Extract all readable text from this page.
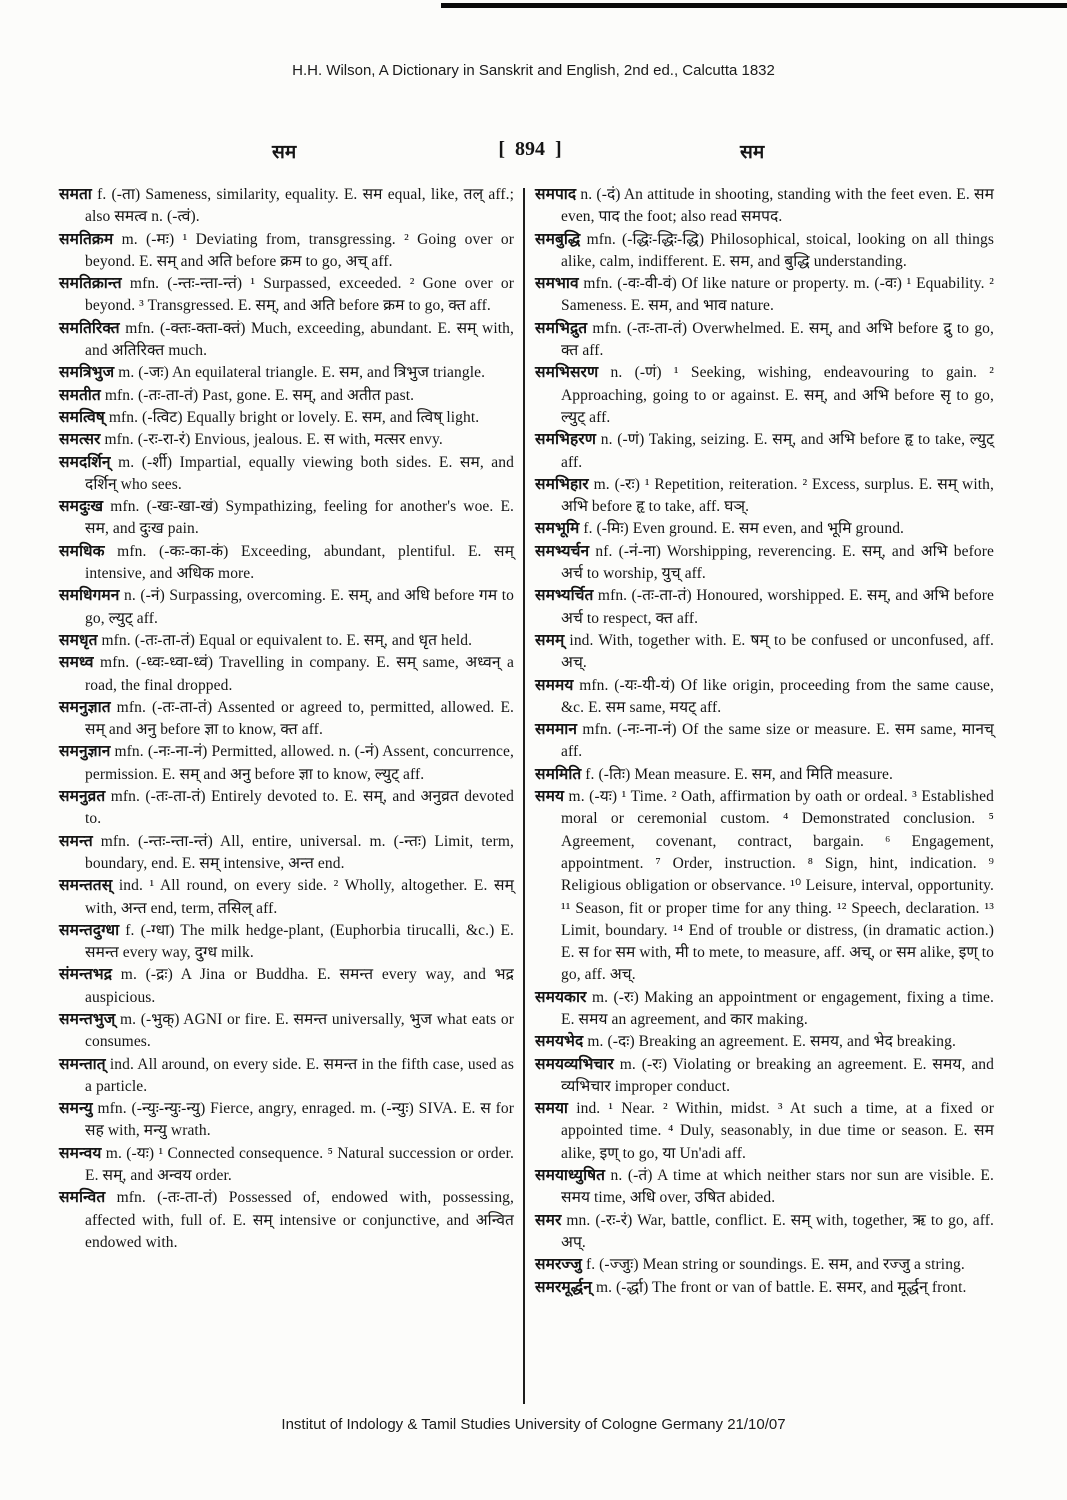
H.H. Wilson, A Dictionary in Sanskrit and English, 2nd ed., Calcutta 1832
सम	[  894  ]	सम

समता f. (-ता) Sameness, similarity, equality. E. सम equal, like, तल् aff.; also समत्व n. (-त्वं).

समतिक्रम m. (-मः) ¹ Deviating from, transgressing. ² Going over or beyond. E. सम् and अति before क्रम to go, अच् aff.

समतिक्रान्त mfn. (-न्तः-न्ता-न्तं) ¹ Surpassed, exceeded. ² Gone over or beyond. ³ Transgressed. E. सम्, and अति before क्रम to go, क्त aff.

समतिरिक्त mfn. (-क्तः-क्ता-क्तं) Much, exceeding, abundant. E. सम् with, and अतिरिक्त much.

समत्रिभुज m. (-जः) An equilateral triangle. E. सम, and त्रिभुज triangle.

समतीत mfn. (-तः-ता-तं) Past, gone. E. सम्, and अतीत past.

समत्विष् mfn. (-त्विट) Equally bright or lovely. E. सम, and त्विष् light.

समत्सर mfn. (-रः-रा-रं) Envious, jealous. E. स with, मत्सर envy.

समदर्शिन् m. (-र्शी) Impartial, equally viewing both sides. E. सम, and दर्शिन् who sees.

समदुःख mfn. (-खः-खा-खं) Sympathizing, feeling for another's woe. E. सम, and दुःख pain.

समधिक mfn. (-कः-का-कं) Exceeding, abundant, plentiful. E. सम् intensive, and अधिक more.

समधिगमन n. (-नं) Surpassing, overcoming. E. सम्, and अधि before गम to go, ल्युट् aff.

समधृत mfn. (-तः-ता-तं) Equal or equivalent to. E. सम्, and धृत held.

समध्व mfn. (-ध्वः-ध्वा-ध्वं) Travelling in company. E. सम् same, अध्वन् a road, the final dropped.

समनुज्ञात mfn. (-तः-ता-तं) Assented or agreed to, permitted, allowed. E. सम् and अनु before ज्ञा to know, क्त aff.

समनुज्ञान mfn. (-नः-ना-नं) Permitted, allowed. n. (-नं) Assent, concurrence, permission. E. सम् and अनु before ज्ञा to know, ल्युट् aff.

समनुव्रत mfn. (-तः-ता-तं) Entirely devoted to. E. सम्, and अनुव्रत devoted to.

समन्त mfn. (-न्तः-न्ता-न्तं) All, entire, universal. m. (-न्तः) Limit, term, boundary, end. E. सम् intensive, अन्त end.

समन्ततस् ind. ¹ All round, on every side. ² Wholly, altogether. E. सम् with, अन्त end, term, तसिल् aff.

समन्तदुग्धा f. (-ग्धा) The milk hedge-plant, (Euphorbia tirucalli, &c.) E. समन्त every way, दुग्ध milk.

संमन्तभद्र m. (-द्रः) A Jina or Buddha. E. समन्त every way, and भद्र auspicious.

समन्तभुज् m. (-भुक्) AGNI or fire. E. समन्त universally, भुज what eats or consumes.

समन्तात् ind. All around, on every side. E. समन्त in the fifth case, used as a particle.

समन्यु mfn. (-न्युः-न्युः-न्यु) Fierce, angry, enraged. m. (-न्युः) SIVA. E. स for सह with, मन्यु wrath.

समन्वय m. (-यः) ¹ Connected consequence. ⁵ Natural succession or order. E. सम्, and अन्वय order.

समन्वित mfn. (-तः-ता-तं) Possessed of, endowed with, possessing, affected with, full of. E. सम् intensive or conjunctive, and अन्वित endowed with.

समपाद n. (-दं) An attitude in shooting, standing with the feet even. E. सम even, पाद the foot; also read समपद.

समबुद्धि mfn. (-द्धिः-द्धिः-द्धि) Philosophical, stoical, looking on all things alike, calm, indifferent. E. सम, and बुद्धि understanding.

समभाव mfn. (-वः-वी-वं) Of like nature or property. m. (-वः) ¹ Equability. ² Sameness. E. सम, and भाव nature.

समभिद्रुत mfn. (-तः-ता-तं) Overwhelmed. E. सम्, and अभि before द्रु to go, क्त aff.

समभिसरण n. (-णं) ¹ Seeking, wishing, endeavouring to gain. ² Approaching, going to or against. E. सम्, and अभि before सृ to go, ल्युट् aff.

समभिहरण n. (-णं) Taking, seizing. E. सम्, and अभि before हृ to take, ल्युट् aff.

समभिहार m. (-रः) ¹ Repetition, reiteration. ² Excess, surplus. E. सम् with, अभि before हृ to take, aff. घञ्.

समभूमि f. (-मिः) Even ground. E. सम even, and भूमि ground.

समभ्यर्चन nf. (-नं-ना) Worshipping, reverencing. E. सम्, and अभि before अर्च to worship, युच् aff.

समभ्यर्चित mfn. (-तः-ता-तं) Honoured, worshipped. E. सम्, and अभि before अर्च to respect, क्त aff.

समम् ind. With, together with. E. षम् to be confused or unconfused, aff. अच्.

सममय mfn. (-यः-यी-यं) Of like origin, proceeding from the same cause, &c. E. सम same, मयट् aff.

सममान mfn. (-नः-ना-नं) Of the same size or measure. E. सम same, मानच् aff.

सममिति f. (-तिः) Mean measure. E. सम, and मिति measure.

समय m. (-यः) ¹ Time. ² Oath, affirmation by oath or ordeal. ³ Established moral or ceremonial custom. ⁴ Demonstrated conclusion. ⁵ Agreement, covenant, contract, bargain. ⁶ Engagement, appointment. ⁷ Order, instruction. ⁸ Sign, hint, indication. ⁹ Religious obligation or observance. ¹⁰ Leisure, interval, opportunity. ¹¹ Season, fit or proper time for any thing. ¹² Speech, declaration. ¹³ Limit, boundary. ¹⁴ End of trouble or distress, (in dramatic action.) E. स for सम with, मी to mete, to measure, aff. अच्, or सम alike, इण् to go, aff. अच्.

समयकार m. (-रः) Making an appointment or engagement, fixing a time. E. समय an agreement, and कार making.

समयभेद m. (-दः) Breaking an agreement. E. समय, and भेद breaking.

समयव्यभिचार m. (-रः) Violating or breaking an agreement. E. समय, and व्यभिचार improper conduct.

समया ind. ¹ Near. ² Within, midst. ³ At such a time, at a fixed or appointed time. ⁴ Duly, seasonably, in due time or season. E. सम alike, इण् to go, या Un'adi aff.

समयाध्युषित n. (-तं) A time at which neither stars nor sun are visible. E. समय time, अधि over, उषित abided.

समर mn. (-रः-रं) War, battle, conflict. E. सम् with, together, ऋ to go, aff. अप्.

समरज्जु f. (-ज्जुः) Mean string or soundings. E. सम, and रज्जु a string.

समरमूर्द्धन् m. (-र्द्धा) The front or van of battle. E. समर, and मूर्द्धन् front.

Institut of Indology & Tamil Studies University of Cologne Germany 21/10/07
